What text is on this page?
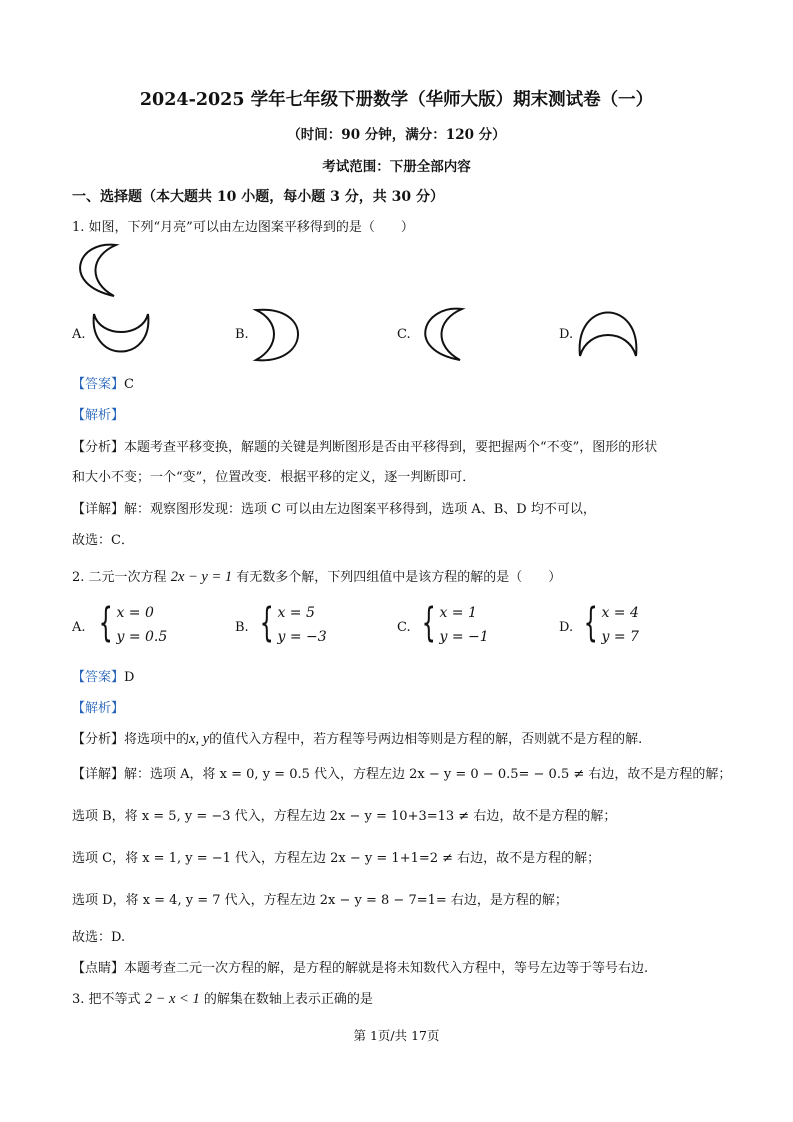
2024-2025 学年七年级下册数学（华师大版）期末测试卷（一）
（时间：90 分钟，满分：120 分）
考试范围：下册全部内容
一、选择题（本大题共 10 小题，每小题 3 分，共 30 分）
1. 如图，下列“月亮”可以由左边图案平移得到的是（　　）
A.	B.	C.	D.
【答案】C
【解析】
【分析】本题考查平移变换，解题的关键是判断图形是否由平移得到，要把握两个“不变”，图形的形状
和大小不变；一个“变”，位置改变．根据平移的定义，逐一判断即可．
【详解】解：观察图形发现：选项 C 可以由左边图案平移得到，选项 A、B、D 均不可以，
故选：C．
2. 二元一次方程 2x − y = 1 有无数多个解，下列四组值中是该方程的解的是（　　）
A. { x = 0
y = 0.5
B. { x = 5
y = −3
C. { x = 1
y = −1
D. { x = 4
y = 7
【答案】D
【解析】
【分析】将选项中的x, y的值代入方程中，若方程等号两边相等则是方程的解，否则就不是方程的解.
【详解】解：选项 A，将 x = 0, y = 0.5 代入，方程左边 2x − y = 0 − 0.5= − 0.5 ≠ 右边，故不是方程的解；
选项 B，将 x = 5, y = −3 代入，方程左边 2x − y = 10+3=13 ≠ 右边，故不是方程的解；
选项 C，将 x = 1, y = −1 代入，方程左边 2x − y = 1+1=2 ≠ 右边，故不是方程的解；
选项 D，将 x = 4, y = 7 代入，方程左边 2x − y = 8 − 7=1= 右边，是方程的解；
故选：D.
【点睛】本题考查二元一次方程的解，是方程的解就是将未知数代入方程中，等号左边等于等号右边.
3. 把不等式 2 − x < 1 的解集在数轴上表示正确的是
第 1页/共 17页
